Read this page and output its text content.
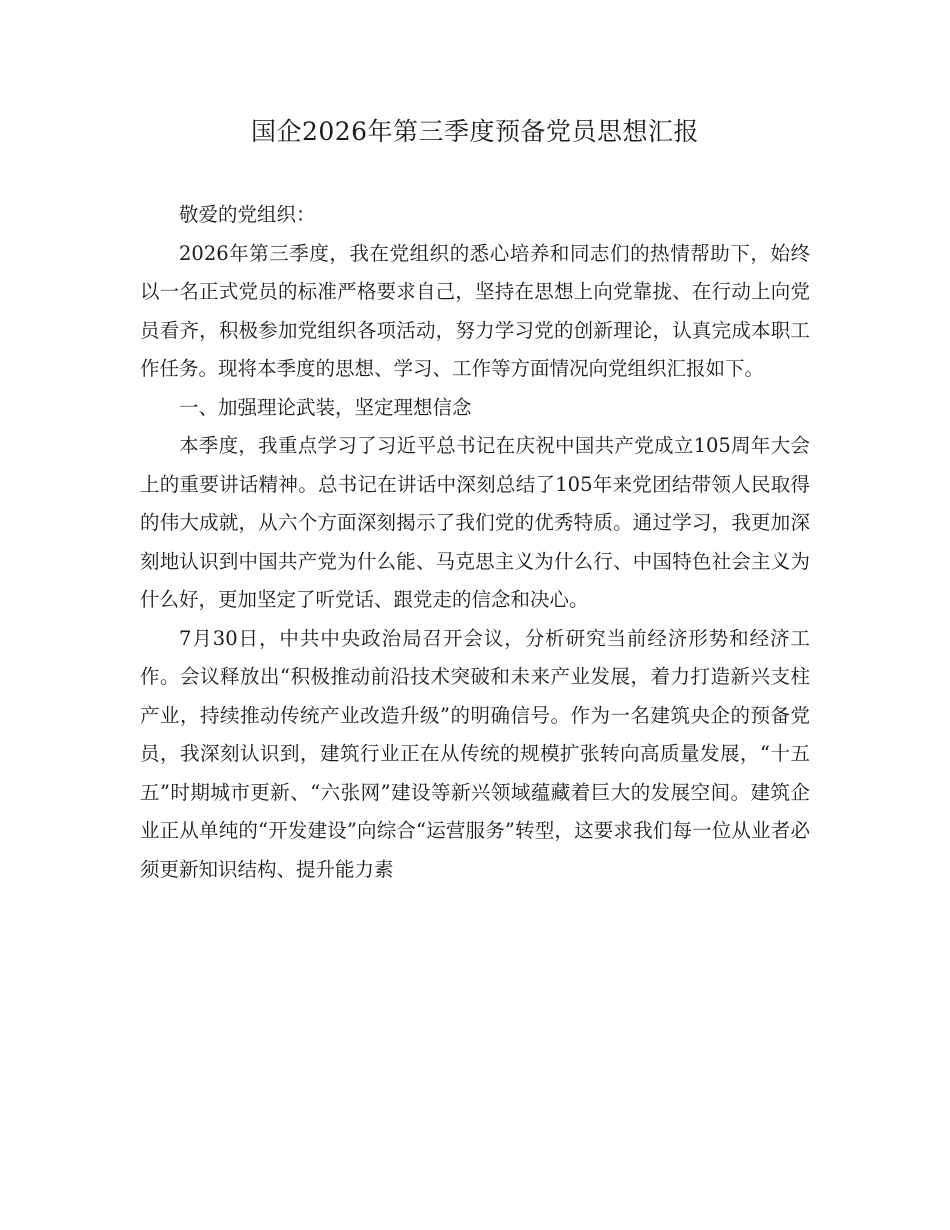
国企2026年第三季度预备党员思想汇报

敬爱的党组织：

2026年第三季度，我在党组织的悉心培养和同志们的热情帮助下，始终以一名正式党员的标准严格要求自己，坚持在思想上向党靠拢、在行动上向党员看齐，积极参加党组织各项活动，努力学习党的创新理论，认真完成本职工作任务。现将本季度的思想、学习、工作等方面情况向党组织汇报如下。

一、加强理论武装，坚定理想信念

本季度，我重点学习了习近平总书记在庆祝中国共产党成立105周年大会上的重要讲话精神。总书记在讲话中深刻总结了105年来党团结带领人民取得的伟大成就，从六个方面深刻揭示了我们党的优秀特质。通过学习，我更加深刻地认识到中国共产党为什么能、马克思主义为什么行、中国特色社会主义为什么好，更加坚定了听党话、跟党走的信念和决心。

7月30日，中共中央政治局召开会议，分析研究当前经济形势和经济工作。会议释放出“积极推动前沿技术突破和未来产业发展，着力打造新兴支柱产业，持续推动传统产业改造升级”的明确信号。作为一名建筑央企的预备党员，我深刻认识到，建筑行业正在从传统的规模扩张转向高质量发展，“十五五”时期城市更新、“六张网”建设等新兴领域蕴藏着巨大的发展空间。建筑企业正从单纯的“开发建设”向综合“运营服务”转型，这要求我们每一位从业者必须更新知识结构、提升能力素
